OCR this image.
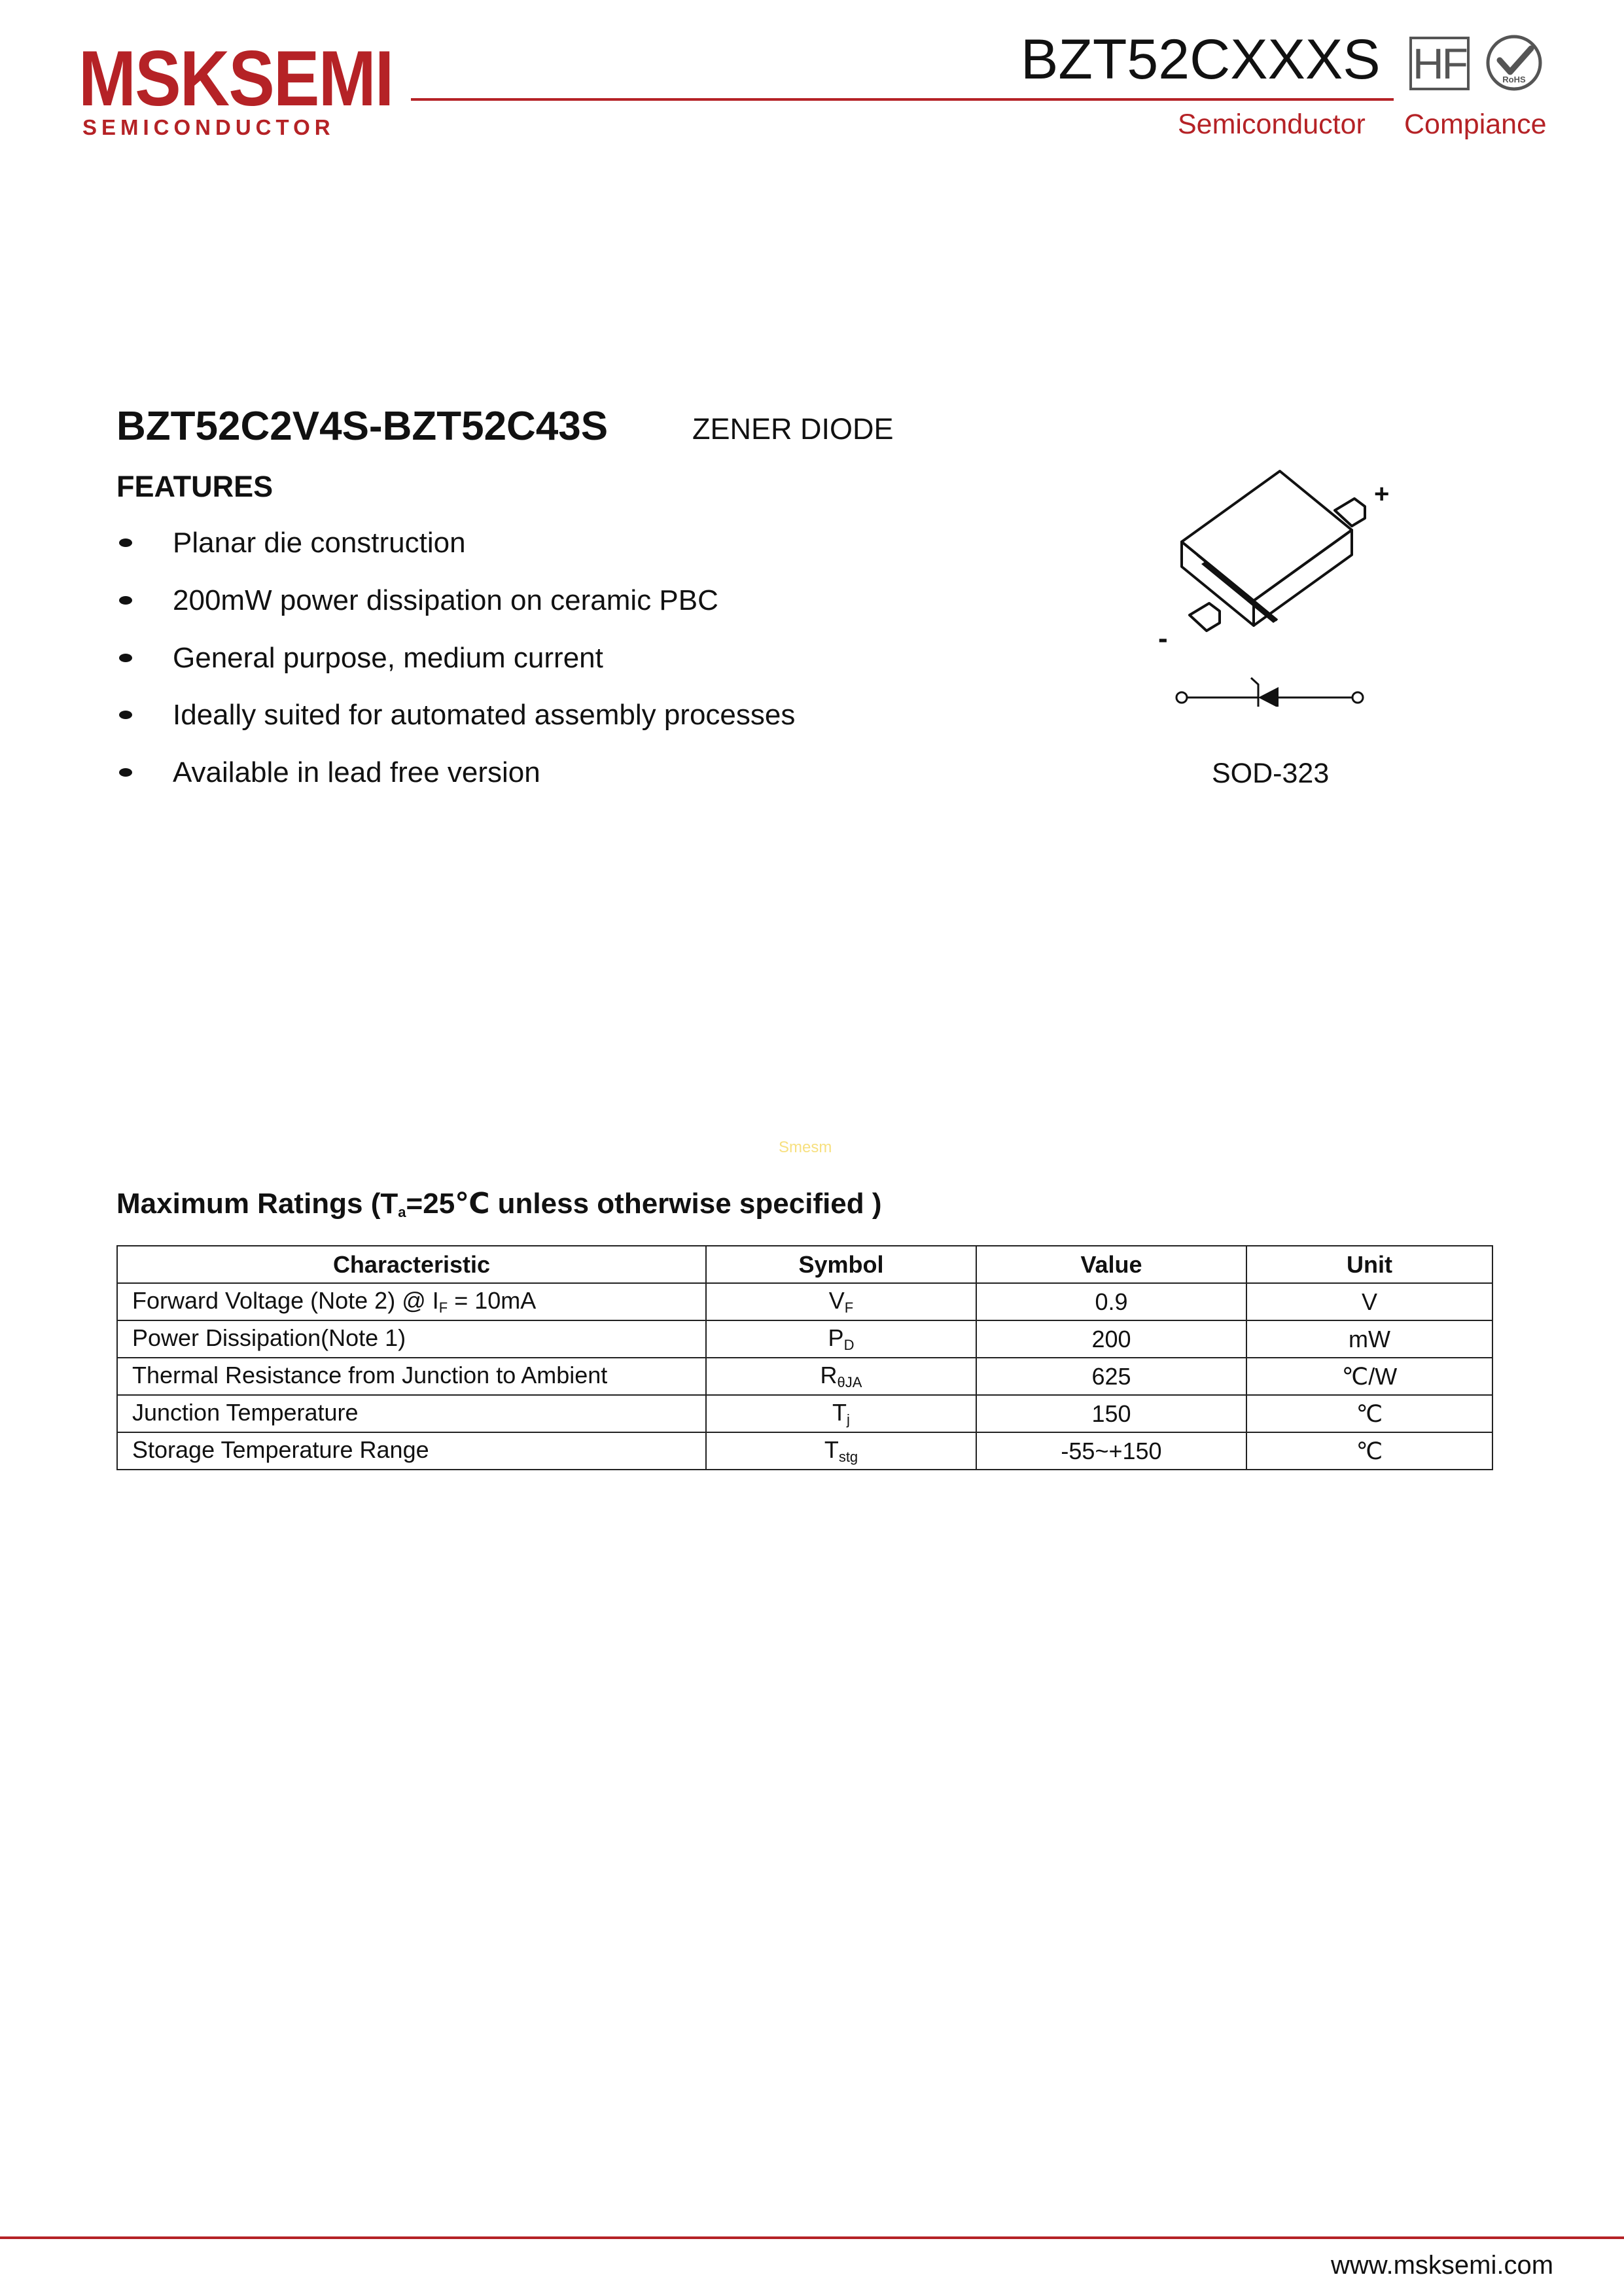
MSKSEMI
SEMICONDUCTOR
BZT52CXXXS HF	RoHS
Semiconductor Compiance
BZT52C2V4S-BZT52C43S	ZENER DIODE
FEATURES
Planar die construction
200mW power dissipation on ceramic PBC
General purpose, medium current
Ideally suited for automated assembly processes
Available in lead free version
+
-
SOD-323
Smesm
Maximum Ratings ($T_a=25℃$ unless otherwise specified )
Characteristic	Symbol	Value	Unit
Forward Voltage (Note 2) @ $I_F = 10mA$	$V_F$	0.9	V
Power Dissipation(Note 1)	$P_D$	200	mW
Thermal Resistance from Junction to Ambient	$R_{\theta JA}$	625	℃/W
Junction Temperature	$T_j$	150	℃
Storage Temperature Range	$T_{stg}$	-55~+150	℃
www.msksemi.com
